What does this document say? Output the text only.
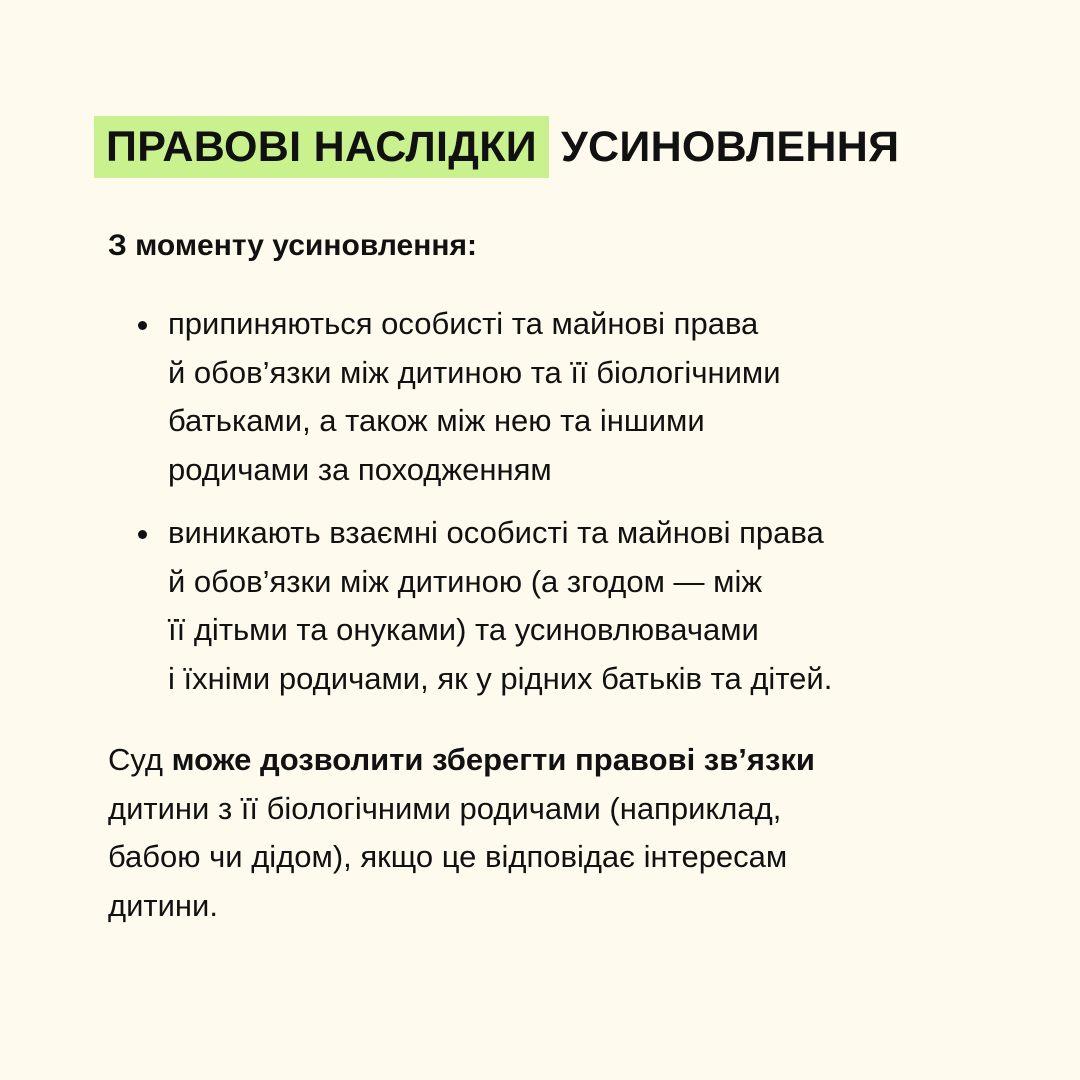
ПРАВОВІ НАСЛІДКИ УСИНОВЛЕННЯ
З моменту усиновлення:
припиняються особисті та майнові права
й обов’язки між дитиною та її біологічними
батьками, а також між нею та іншими
родичами за походженням
виникають взаємні особисті та майнові права
й обов’язки між дитиною (а згодом — між
її дітьми та онуками) та усиновлювачами
і їхніми родичами, як у рідних батьків та дітей.
Суд може дозволити зберегти правові зв’язки
дитини з її біологічними родичами (наприклад,
бабою чи дідом), якщо це відповідає інтересам
дитини.
